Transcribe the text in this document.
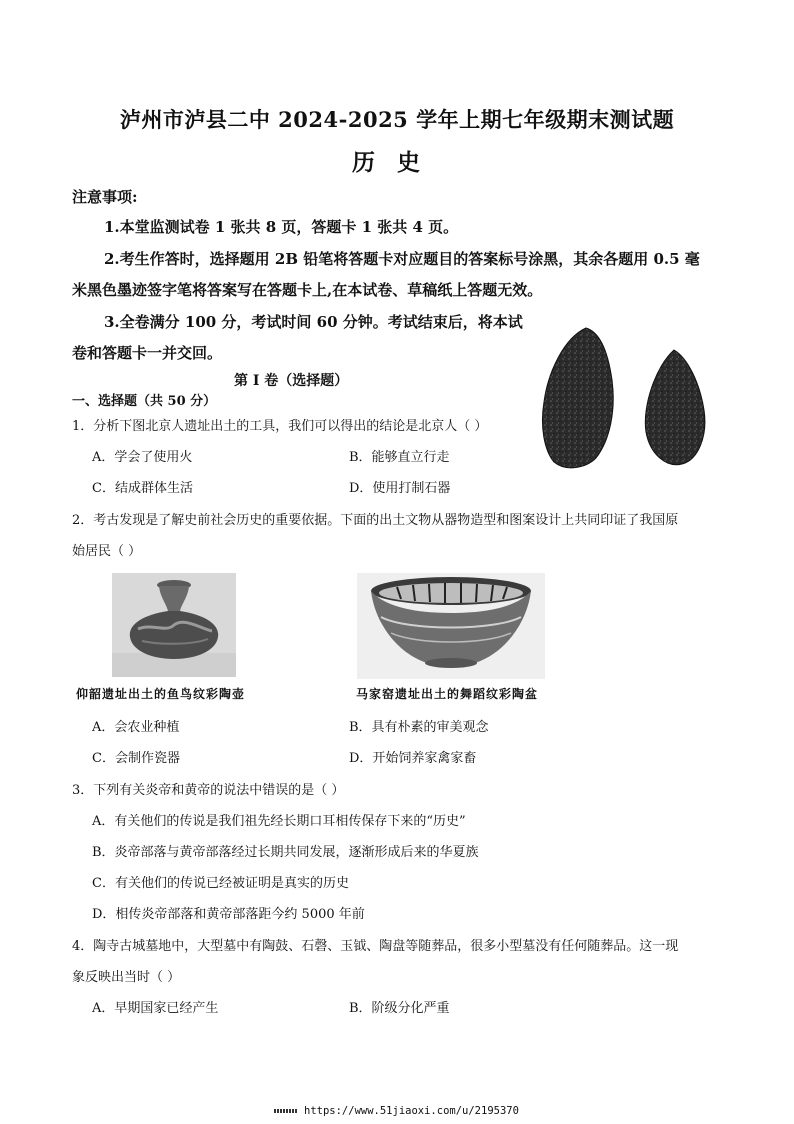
泸州市泸县二中 2024-2025 学年上期七年级期末测试题
历史
注意事项:
1.本堂监测试卷 1 张共 8 页，答题卡 1 张共 4 页。
2.考生作答时，选择题用 2B 铅笔将答题卡对应题目的答案标号涂黑，其余各题用 0.5 毫
米黑色墨迹签字笔将答案写在答题卡上,在本试卷、草稿纸上答题无效。
3.全卷满分 100 分，考试时间 60 分钟。考试结束后，将本试
卷和答题卡一并交回。
第 I 卷（选择题）
一、选择题（共 50 分）
1．分析下图北京人遗址出土的工具，我们可以得出的结论是北京人（ ）
A．学会了使用火	B．能够直立行走
C．结成群体生活	D．使用打制石器
2．考古发现是了解史前社会历史的重要依据。下面的出土文物从器物造型和图案设计上共同印证了我国原
始居民（ ）
仰韶遗址出土的鱼鸟纹彩陶壶	马家窑遗址出土的舞蹈纹彩陶盆
A．会农业种植	B．具有朴素的审美观念
C．会制作瓷器	D．开始饲养家禽家畜
3．下列有关炎帝和黄帝的说法中错误的是（ ）
A．有关他们的传说是我们祖先经长期口耳相传保存下来的“历史”
B．炎帝部落与黄帝部落经过长期共同发展，逐渐形成后来的华夏族
C．有关他们的传说已经被证明是真实的历史
D．相传炎帝部落和黄帝部落距今约 5000 年前
4．陶寺古城墓地中，大型墓中有陶鼓、石磬、玉钺、陶盘等随葬品，很多小型墓没有任何随葬品。这一现
象反映出当时（ ）
A．早期国家已经产生	B．阶级分化严重
https://www.51jiaoxi.com/u/2195370
